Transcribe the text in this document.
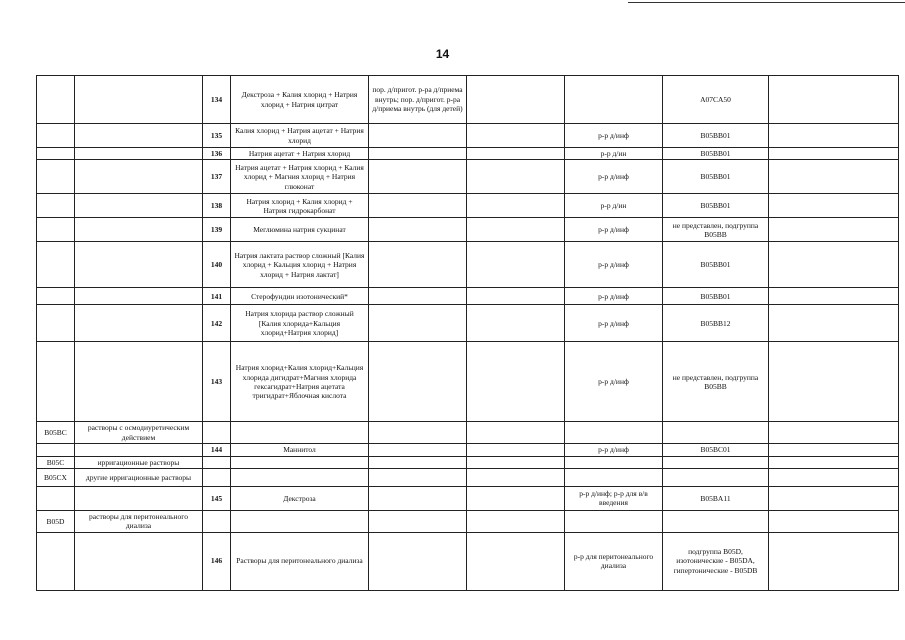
14
		134	Декстроза + Калия хлорид + Натрия хлорид + Натрия цитрат	пор. д/пригот. р-ра д/приема внутрь; пор. д/пригот. р-ра д/приема внутрь (для детей)			A07CA50	
		135	Калия хлорид + Натрия ацетат + Натрия хлорид			р-р д/инф	B05BB01	
		136	Натрия ацетат + Натрия хлорид			р-р д/ин	B05BB01	
		137	Натрия ацетат + Натрия хлорид + Калия хлорид + Магния хлорид + Натрия глюконат			р-р д/инф	B05BB01	
		138	Натрия хлорид + Калия хлорид + Натрия гидрокарбонат			р-р д/ин	B05BB01	
		139	Меглюмина натрия сукцинат			р-р д/инф	не представлен, подгруппа B05BB	
		140	Натрия лактата раствор сложный [Калия хлорид + Кальция хлорид + Натрия хлорид + Натрия лактат]			р-р д/инф	B05BB01	
		141	Стерофундин изотонический*			р-р д/инф	B05BB01	
		142	Натрия хлорида раствор сложный [Калия хлорида+Кальция хлорид+Натрия хлорид]			р-р д/инф	B05BB12	
		143	Натрия хлорид+Калия хлорид+Кальция хлорида дигидрат+Магния хлорида гексагидрат+Натрия ацетата тригидрат+Яблочная кислота			р-р д/инф	не представлен, подгруппа B05BB	
B05BC	растворы с осмодиуретическим действием							
		144	Маннитол			р-р д/инф	B05BC01	
B05C	ирригационные растворы							
B05CX	другие ирригационные растворы							
		145	Декстроза			р-р д/инф; р-р для в/в введения	B05BA11	
B05D	растворы для перитонеального диализа							
		146	Растворы для перитонеального диализа			р-р для перитонеального диализа	подгруппа B05D, изотонические - B05DA, гипертонические - B05DB	
